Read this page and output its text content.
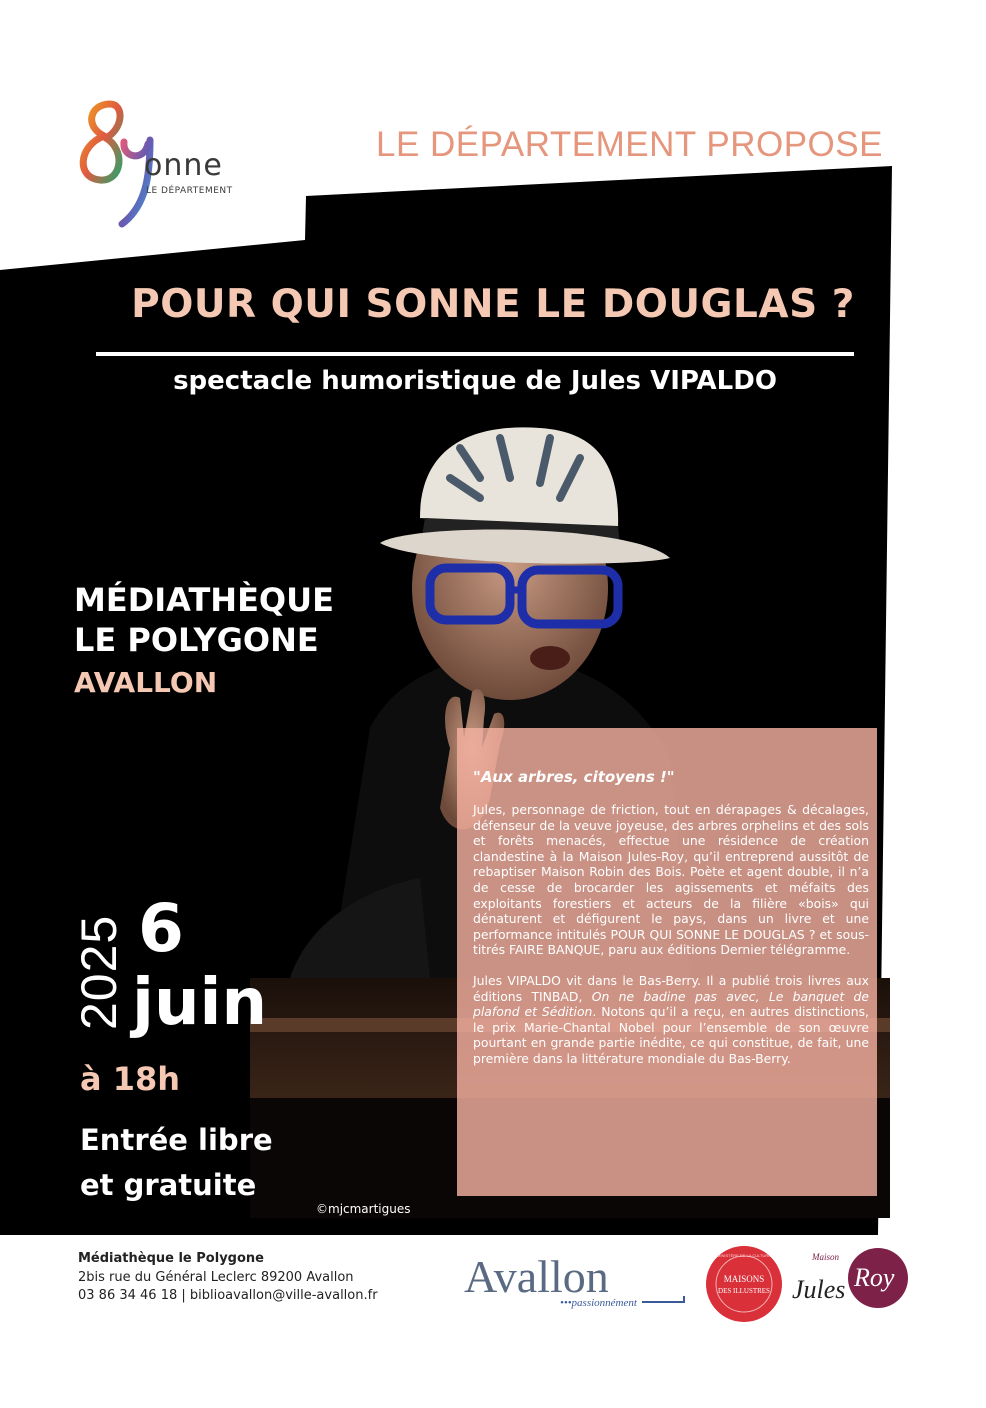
onne
LE DÉPARTEMENT
LE DÉPARTEMENT PROPOSE
POUR QUI SONNE LE DOUGLAS ?
spectacle humoristique de Jules VIPALDO
MÉDIATHÈQUE
LE POLYGONE
AVALLON
2025 6
juin
à 18h
Entrée libre
et gratuite
©mjcmartigues

"Aux arbres, citoyens !"

Jules, personnage de friction, tout en dérapages & décalages, défenseur de la veuve joyeuse, des arbres orphelins et des sols et forêts menacés, effectue une résidence de création clandestine à la Maison Jules-Roy, qu’il entreprend aussitôt de rebaptiser Maison Robin des Bois. Poète et agent double, il n’a de cesse de brocarder les agissements et méfaits des exploitants forestiers et acteurs de la filière «bois» qui dénaturent et défigurent le pays, dans un livre et une performance intitulés POUR QUI SONNE LE DOUGLAS ? et sous-titrés FAIRE BANQUE, paru aux éditions Dernier télégramme.

Jules VIPALDO vit dans le Bas-Berry. Il a publié trois livres aux éditions TINBAD, On ne badine pas avec, Le banquet de plafond et Sédition. Notons qu’il a reçu, en autres distinctions, le prix Marie-Chantal Nobel pour l’ensemble de son œuvre pourtant en grande partie inédite, ce qui constitue, de fait, une première dans la littérature mondiale du Bas-Berry.

Médiathèque le Polygone
2bis rue du Général Leclerc 89200 Avallon
03 86 34 46 18 | biblioavallon@ville-avallon.fr Avallon
•••passionnément
MAISONS
DES ILLUSTRES
MINISTÈRE DE LA CULTURE	Maison
Jules Roy
